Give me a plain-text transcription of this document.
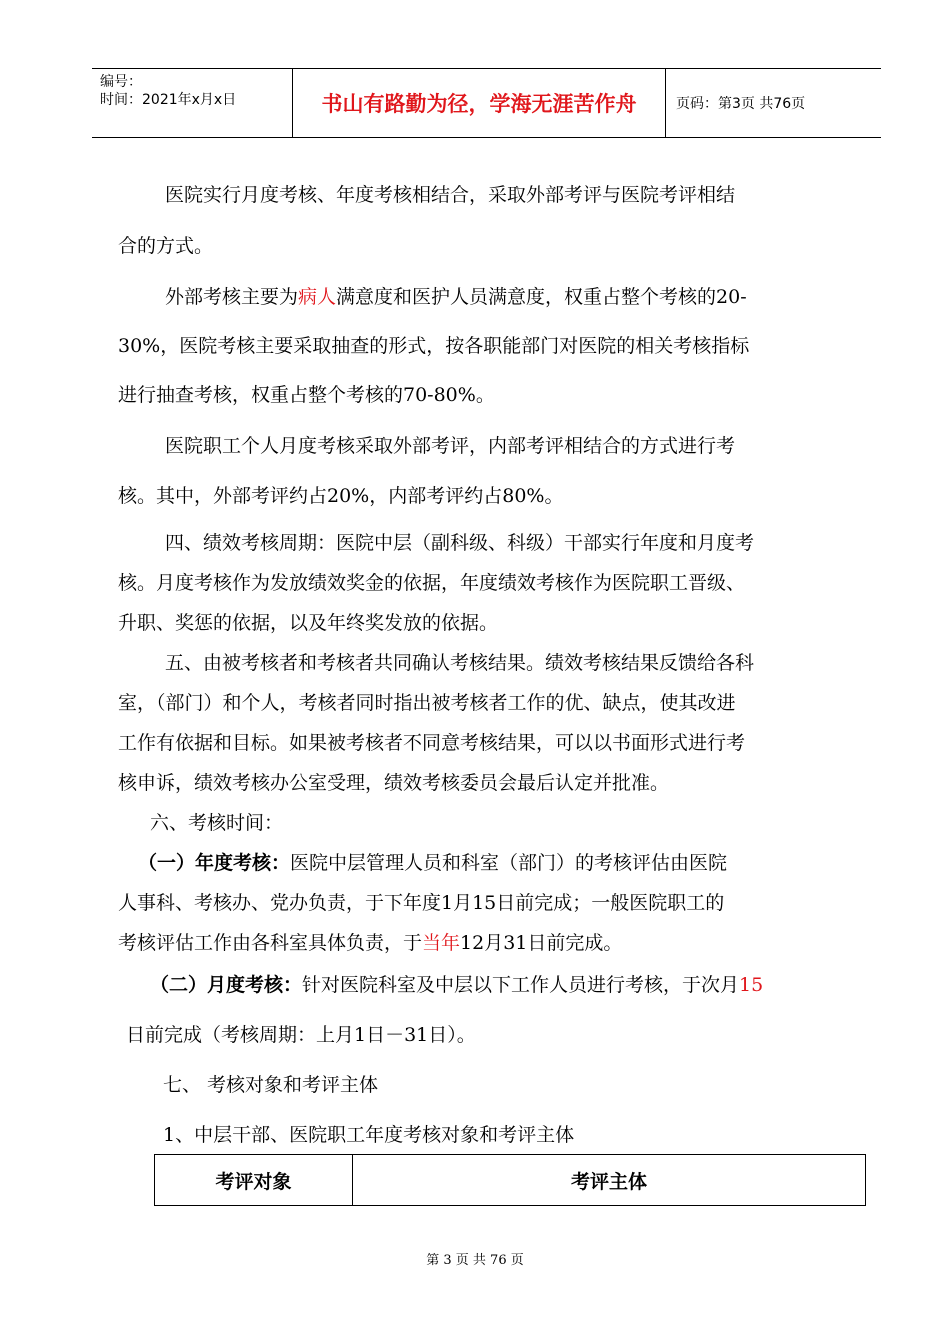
编号：
时间：2021年x月x日	书山有路勤为径，学海无涯苦作舟	页码：第3页 共76页
医院实行月度考核、年度考核相结合，采取外部考评与医院考评相结
合的方式。
外部考核主要为病人满意度和医护人员满意度，权重占整个考核的20-
30%，医院考核主要采取抽查的形式，按各职能部门对医院的相关考核指标
进行抽查考核，权重占整个考核的70-80%。
医院职工个人月度考核采取外部考评，内部考评相结合的方式进行考
核。其中，外部考评约占20%，内部考评约占80%。
四、绩效考核周期：医院中层（副科级、科级）干部实行年度和月度考
核。月度考核作为发放绩效奖金的依据，年度绩效考核作为医院职工晋级、
升职、奖惩的依据，以及年终奖发放的依据。
五、由被考核者和考核者共同确认考核结果。绩效考核结果反馈给各科
室，（部门）和个人，考核者同时指出被考核者工作的优、缺点，使其改进
工作有依据和目标。如果被考核者不同意考核结果，可以以书面形式进行考
核申诉，绩效考核办公室受理，绩效考核委员会最后认定并批准。
六、考核时间：
（一）年度考核：医院中层管理人员和科室（部门）的考核评估由医院
人事科、考核办、党办负责，于下年度1月15日前完成；一般医院职工的
考核评估工作由各科室具体负责，于当年12月31日前完成。
（二）月度考核：针对医院科室及中层以下工作人员进行考核，于次月15
日前完成（考核周期：上月1日－31日）。
七、 考核对象和考评主体
1、中层干部、医院职工年度考核对象和考评主体
考评对象	考评主体
第 3 页 共 76 页
